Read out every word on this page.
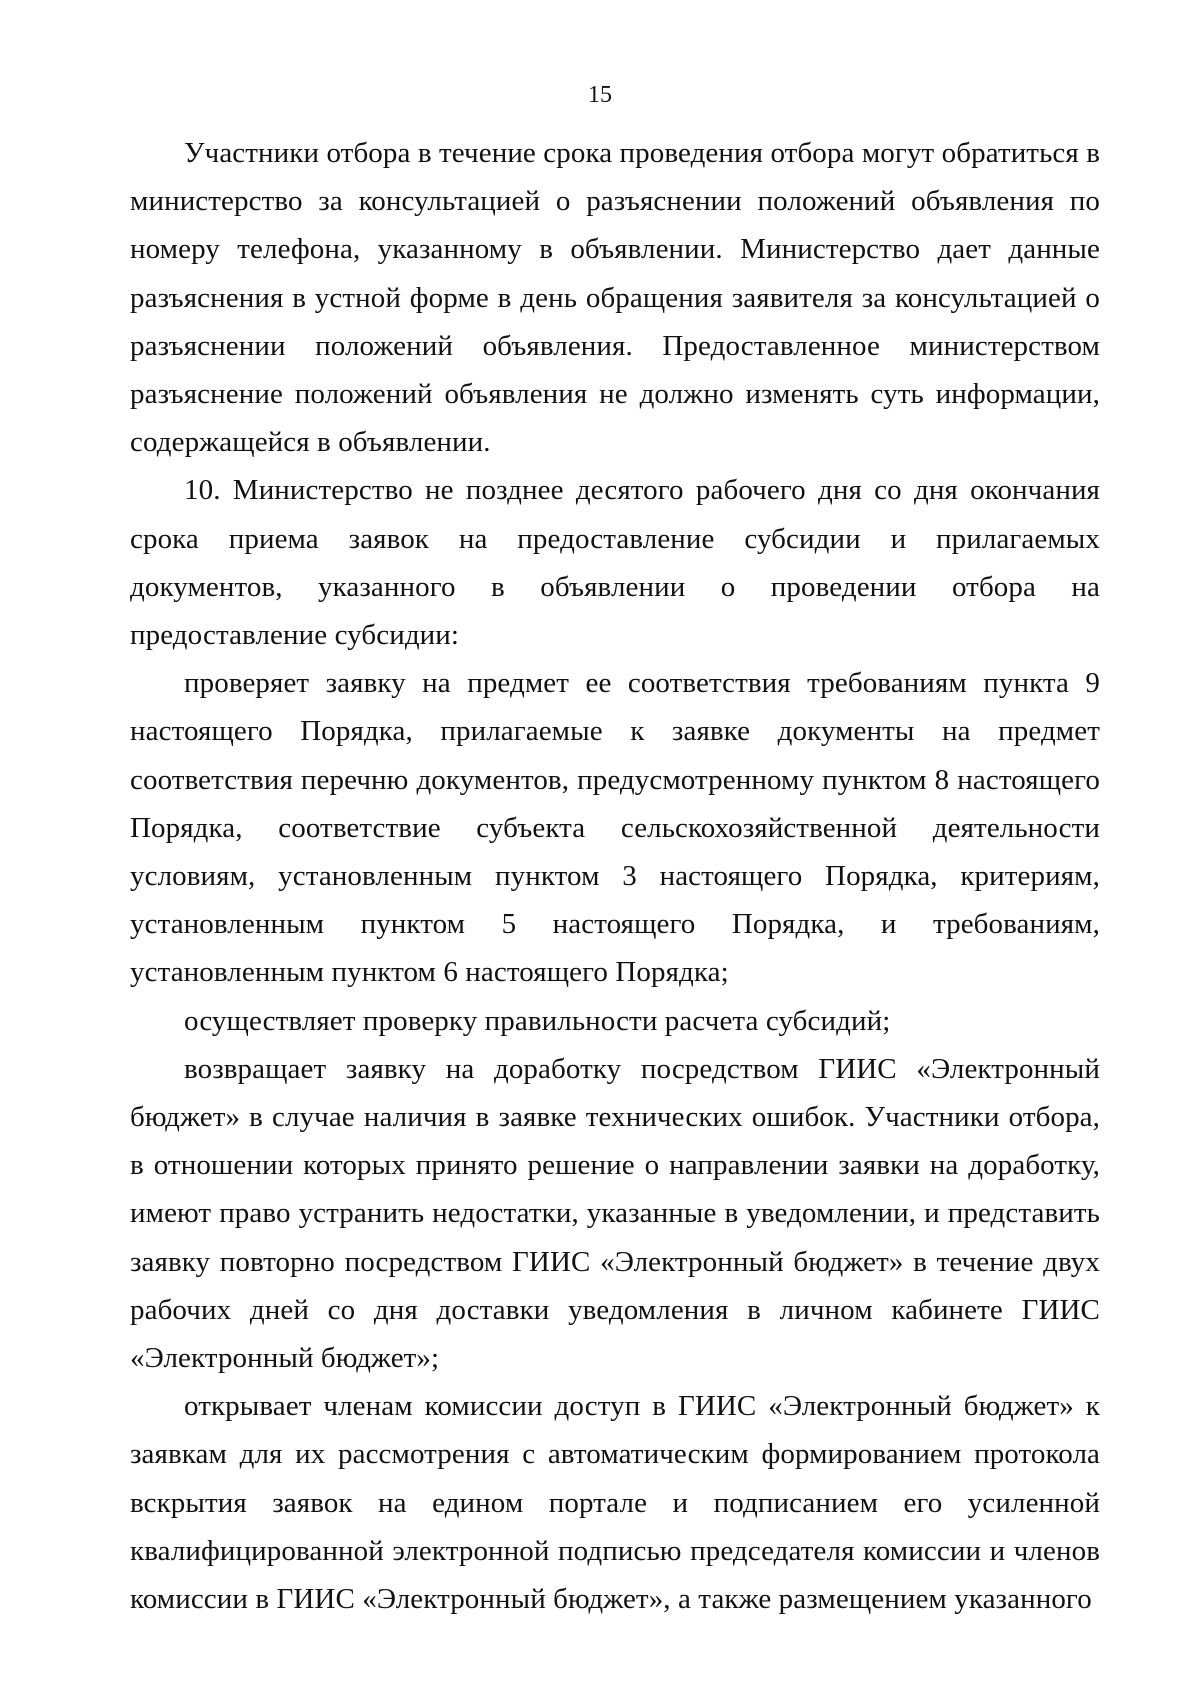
15

Участники отбора в течение срока проведения отбора могут обратиться в министерство за консультацией о разъяснении положений объявления по номеру телефона, указанному в объявлении. Министерство дает данные разъяснения в устной форме в день обращения заявителя за консультацией о разъяснении положений объявления. Предоставленное министерством разъяснение положений объявления не должно изменять суть информации, содержащейся в объявлении.

10. Министерство не позднее десятого рабочего дня со дня окончания срока приема заявок на предоставление субсидии и прилагаемых документов, указанного в объявлении о проведении отбора на предоставление субсидии:

проверяет заявку на предмет ее соответствия требованиям пункта 9 настоящего Порядка, прилагаемые к заявке документы на предмет соответствия перечню документов, предусмотренному пунктом 8 настоящего Порядка, соответствие субъекта сельскохозяйственной деятельности условиям, установленным пунктом 3 настоящего Порядка, критериям, установленным пунктом 5 настоящего Порядка, и требованиям, установленным пунктом 6 настоящего Порядка;

осуществляет проверку правильности расчета субсидий;

возвращает заявку на доработку посредством ГИИС «Электронный бюджет» в случае наличия в заявке технических ошибок. Участники отбора, в отношении которых принято решение о направлении заявки на доработку, имеют право устранить недостатки, указанные в уведомлении, и представить заявку повторно посредством ГИИС «Электронный бюджет» в течение двух рабочих дней со дня доставки уведомления в личном кабинете ГИИС «Электронный бюджет»;

открывает членам комиссии доступ в ГИИС «Электронный бюджет» к заявкам для их рассмотрения с автоматическим формированием протокола вскрытия заявок на едином портале и подписанием его усиленной квалифицированной электронной подписью председателя комиссии и членов комиссии в ГИИС «Электронный бюджет», а также размещением указанного
